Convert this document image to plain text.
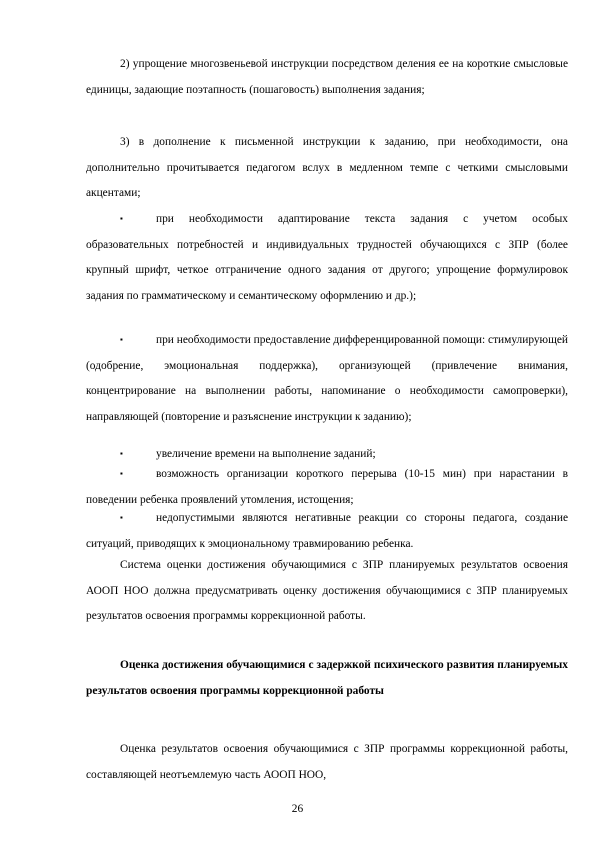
2) упрощение многозвеньевой инструкции посредством деления ее на короткие смысловые единицы, задающие поэтапность (пошаговость) выполнения задания;

3) в дополнение к письменной инструкции к заданию, при необходимости, она дополнительно прочитывается педагогом вслух в медленном темпе с четкими смысловыми акцентами;

▪	при необходимости адаптирование текста задания с учетом особых образовательных потребностей и индивидуальных трудностей обучающихся с ЗПР (более крупный шрифт, четкое отграничение одного задания от другого; упрощение формулировок задания по грамматическому и семантическому оформлению и др.);

▪	при необходимости предоставление дифференцированной помощи: стимулирующей (одобрение, эмоциональная поддержка), организующей (привлечение внимания, концентрирование на выполнении работы, напоминание о необходимости самопроверки), направляющей (повторение и разъяснение инструкции к заданию);

▪	увеличение времени на выполнение заданий;

▪	возможность организации короткого перерыва (10-15 мин) при нарастании в поведении ребенка проявлений утомления, истощения;

▪	недопустимыми являются негативные реакции со стороны педагога, создание ситуаций, приводящих к эмоциональному травмированию ребенка.

Система оценки достижения обучающимися с ЗПР планируемых результатов освоения АООП НОО должна предусматривать оценку достижения обучающимися с ЗПР планируемых результатов освоения программы коррекционной работы.

Оценка достижения обучающимися с задержкой психического развития планируемых результатов освоения программы коррекционной работы

Оценка результатов освоения обучающимися с ЗПР программы коррекционной работы, составляющей неотъемлемую часть АООП НОО,

26
